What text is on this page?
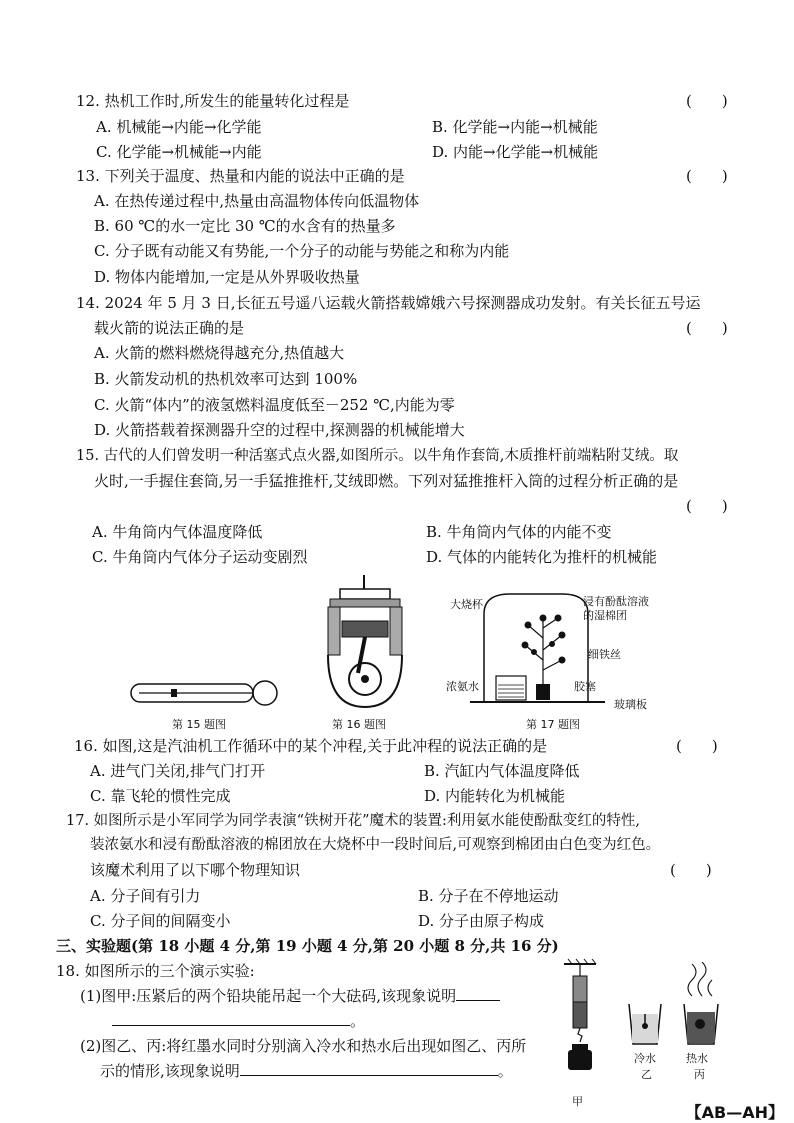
12. 热机工作时,所发生的能量转化过程是	(　　)
A. 机械能→内能→化学能	B. 化学能→内能→机械能
C. 化学能→机械能→内能	D. 内能→化学能→机械能
13. 下列关于温度、热量和内能的说法中正确的是	(　　)
A. 在热传递过程中,热量由高温物体传向低温物体
B. 60 ℃的水一定比 30 ℃的水含有的热量多
C. 分子既有动能又有势能,一个分子的动能与势能之和称为内能
D. 物体内能增加,一定是从外界吸收热量
14. 2024 年 5 月 3 日,长征五号遥八运载火箭搭载嫦娥六号探测器成功发射。有关长征五号运
载火箭的说法正确的是	(　　)
A. 火箭的燃料燃烧得越充分,热值越大
B. 火箭发动机的热机效率可达到 100%
C. 火箭“体内”的液氢燃料温度低至－252 ℃,内能为零
D. 火箭搭载着探测器升空的过程中,探测器的机械能增大
15. 古代的人们曾发明一种活塞式点火器,如图所示。以牛角作套筒,木质推杆前端粘附艾绒。取
火时,一手握住套筒,另一手猛推推杆,艾绒即燃。下列对猛推推杆入筒的过程分析正确的是
(　　)
A. 牛角筒内气体温度降低	B. 牛角筒内气体的内能不变
C. 牛角筒内气体分子运动变剧烈	D. 气体的内能转化为推杆的机械能
第 15 题图	第 16 题图
大烧杯	浸有酚酞溶液
的湿棉团
细铁丝
浓氨水	胶塞
玻璃板
第 17 题图
16. 如图,这是汽油机工作循环中的某个冲程,关于此冲程的说法正确的是	(　　)
A. 进气门关闭,排气门打开	B. 汽缸内气体温度降低
C. 靠飞轮的惯性完成	D. 内能转化为机械能
17. 如图所示是小军同学为同学表演“铁树开花”魔术的装置:利用氨水能使酚酞变红的特性,
装浓氨水和浸有酚酞溶液的棉团放在大烧杯中一段时间后,可观察到棉团由白色变为红色。
该魔术利用了以下哪个物理知识	(　　)
A. 分子间有引力	B. 分子在不停地运动
C. 分子间的间隔变小	D. 分子由原子构成
三、实验题(第 18 小题 4 分,第 19 小题 4 分,第 20 小题 8 分,共 16 分)
18. 如图所示的三个演示实验:
(1)图甲:压紧后的两个铅块能吊起一个大砝码,该现象说明
。
(2)图乙、丙:将红墨水同时分别滴入冷水和热水后出现如图乙、丙所
示的情形,该现象说明	。
甲
冷水
乙
热水
丙
【AB—AH】
